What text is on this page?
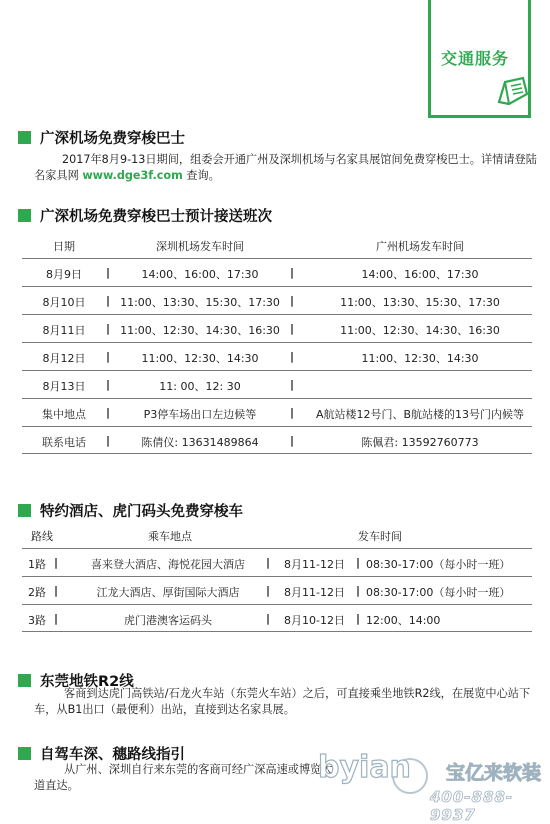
交通服务
广深机场免费穿梭巴士
2017年8月9-13日期间，组委会开通广州及深圳机场与名家具展馆间免费穿梭巴士。详情请登陆名家具网 www.dge3f.com 查询。
广深机场免费穿梭巴士预计接送班次
日期	深圳机场发车时间	广州机场发车时间
8月9日 |	14:00、16:00、17:30	|	14:00、16:00、17:30
8月10日 | 11:00、13:30、15:30、17:30 |	11:00、13:30、15:30、17:30
8月11日 | 11:00、12:30、14:30、16:30 |	11:00、12:30、14:30、16:30
8月12日 |	11:00、12:30、14:30	|	11:00、12:30、14:30
8月13日 |	11: 00、12: 30	|
集中地点 |	P3停车场出口左边候等	| A航站楼12号门、B航站楼的13号门内候等
联系电话 |	陈倩仪: 13631489864	|	陈佩君: 13592760773
特约酒店、虎门码头免费穿梭车
路线	乘车地点	发车时间
1路 |	喜来登大酒店、海悦花园大酒店 | 8月11-12日 | 08:30-17:00（每小时一班）
2路 |	江龙大酒店、厚街国际大酒店 | 8月11-12日 | 08:30-17:00（每小时一班）
3路 |	虎门港澳客运码头	| 8月10-12日 | 12:00、14:00
东莞地铁R2线
客商到达虎门高铁站/石龙火车站（东莞火车站）之后，可直接乘坐地铁R2线，在展览中心站下车，从B1出口（最便利）出站，直接到达名家具展。
自驾车深、穗路线指引
从广州、深圳自行来东莞的客商可经广深高速或博览大道直达。
byian 宝亿来软装
400-888-9937
